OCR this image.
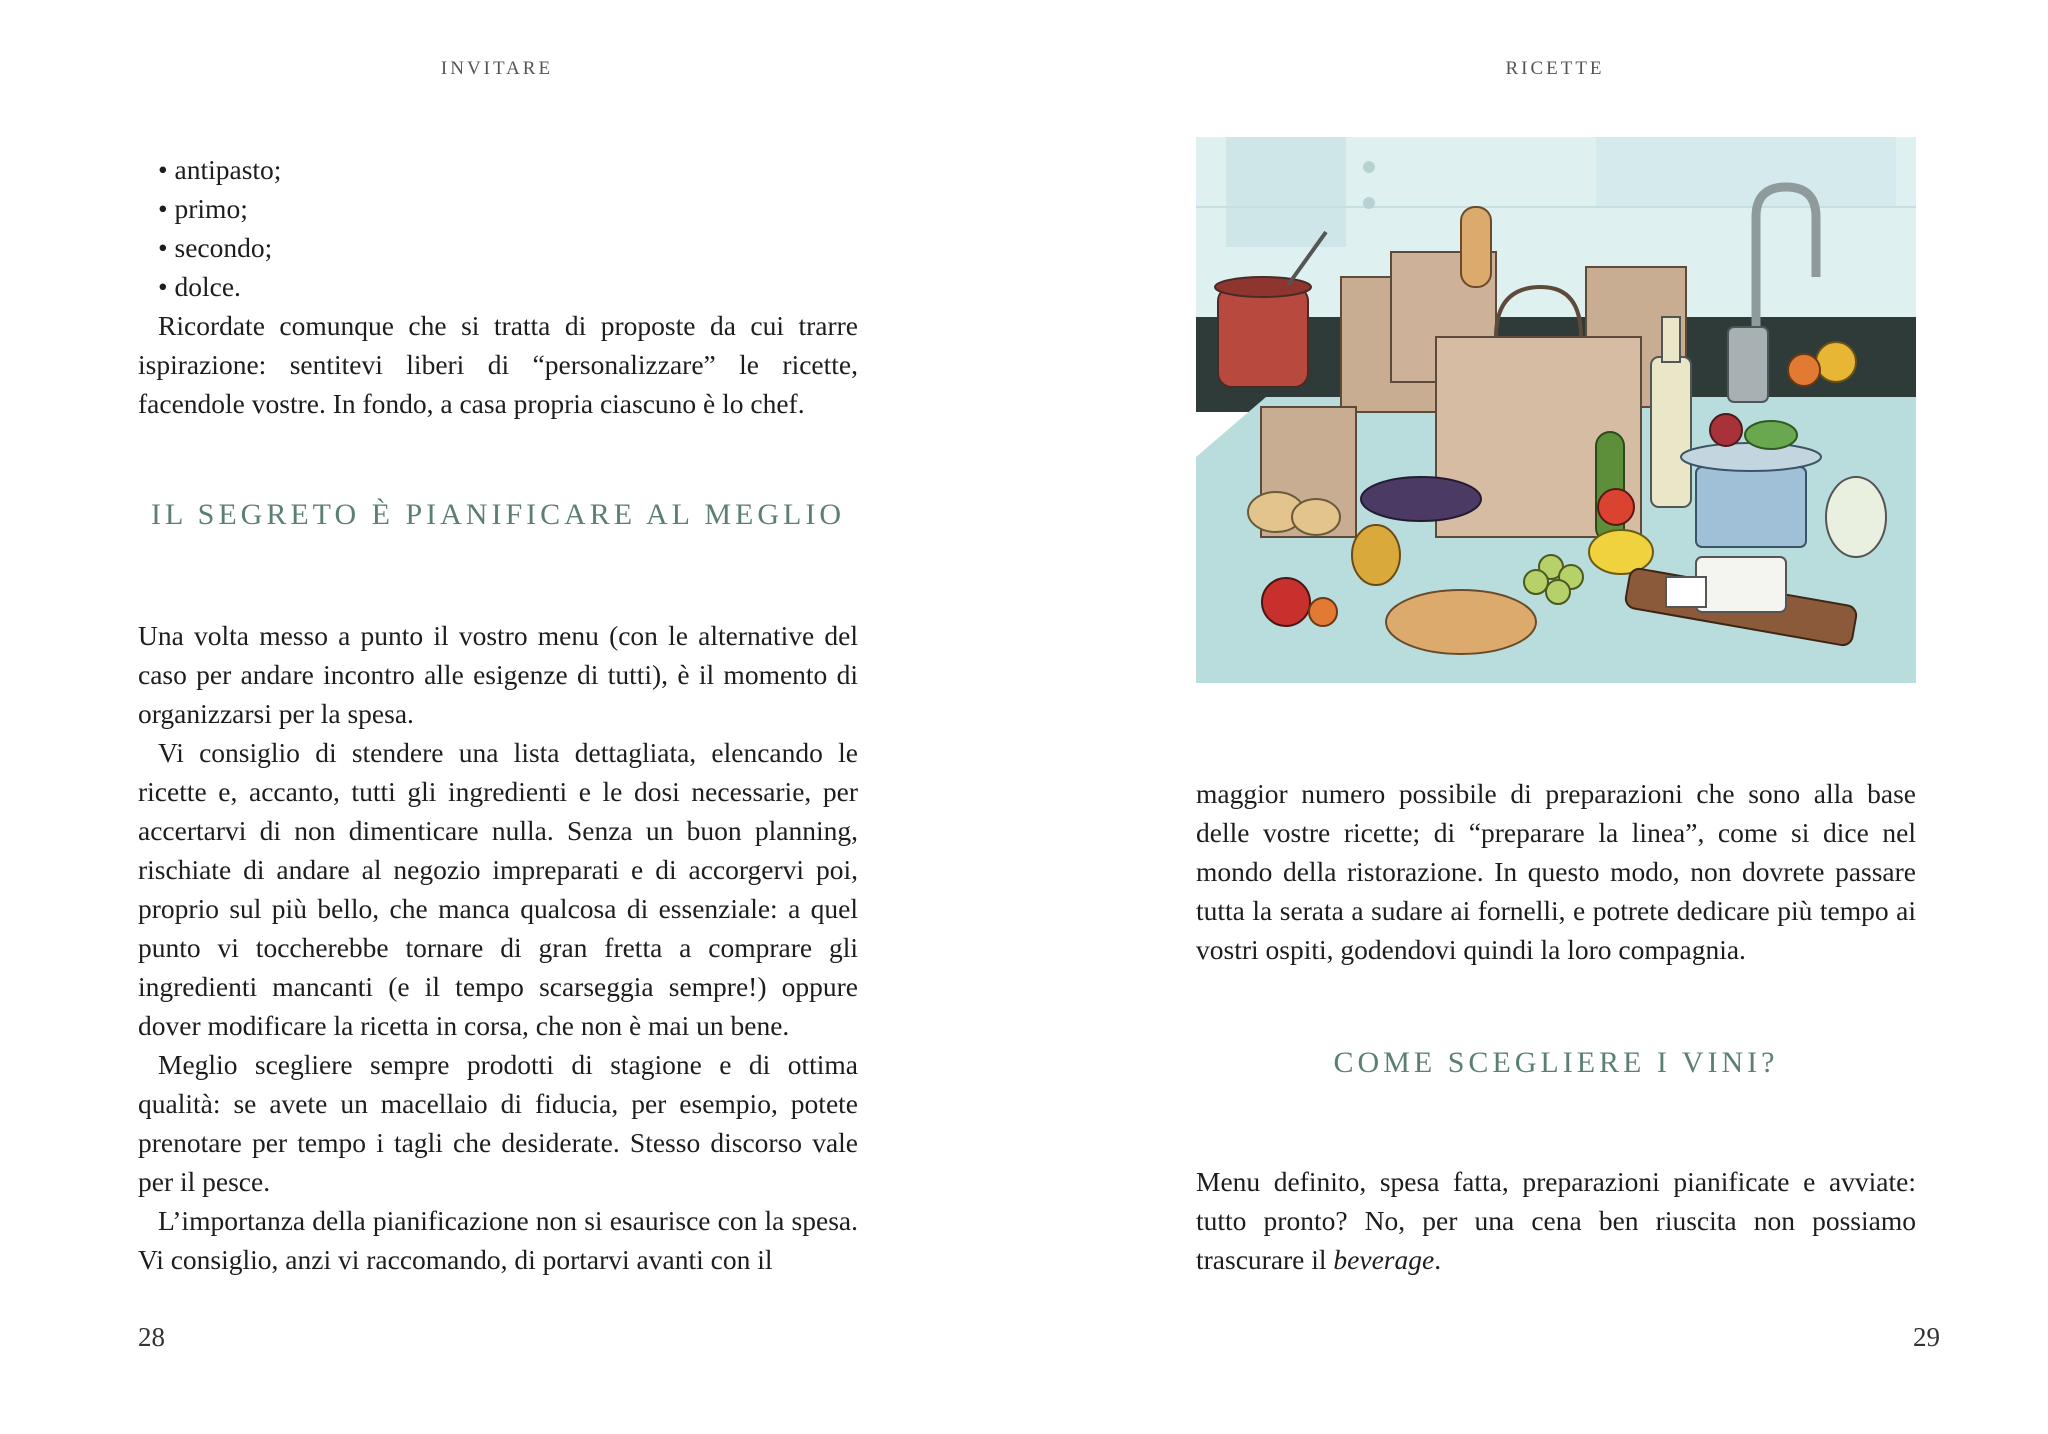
INVITARE

• antipasto;

• primo;

• secondo;

• dolce.

Ricordate comunque che si tratta di proposte da cui trarre ispirazione: sentitevi liberi di “personalizzare” le ricette, facendole vostre. In fondo, a casa propria ciascuno è lo chef.

IL SEGRETO È PIANIFICARE AL MEGLIO

Una volta messo a punto il vostro menu (con le alternative del caso per andare incontro alle esigenze di tutti), è il momento di organizzarsi per la spesa.

Vi consiglio di stendere una lista dettagliata, elencando le ricette e, accanto, tutti gli ingredienti e le dosi necessarie, per accertarvi di non dimenticare nulla. Senza un buon planning, rischiate di andare al negozio impreparati e di accorgervi poi, proprio sul più bello, che manca qualcosa di essenziale: a quel punto vi toccherebbe tornare di gran fretta a comprare gli ingredienti mancanti (e il tempo scarseggia sempre!) oppure dover modificare la ricetta in corsa, che non è mai un bene.

Meglio scegliere sempre prodotti di stagione e di ottima qualità: se avete un macellaio di fiducia, per esempio, potete prenotare per tempo i tagli che desiderate. Stesso discorso vale per il pesce.

L’importanza della pianificazione non si esaurisce con la spesa. Vi consiglio, anzi vi raccomando, di portarvi avanti con il

28
RICETTE

maggior numero possibile di preparazioni che sono alla base delle vostre ricette; di “preparare la linea”, come si dice nel mondo della ristorazione. In questo modo, non dovrete passare tutta la serata a sudare ai fornelli, e potrete dedicare più tempo ai vostri ospiti, godendovi quindi la loro compagnia.

COME SCEGLIERE I VINI?

Menu definito, spesa fatta, preparazioni pianificate e avviate: tutto pronto? No, per una cena ben riuscita non possiamo trascurare il beverage.

29
